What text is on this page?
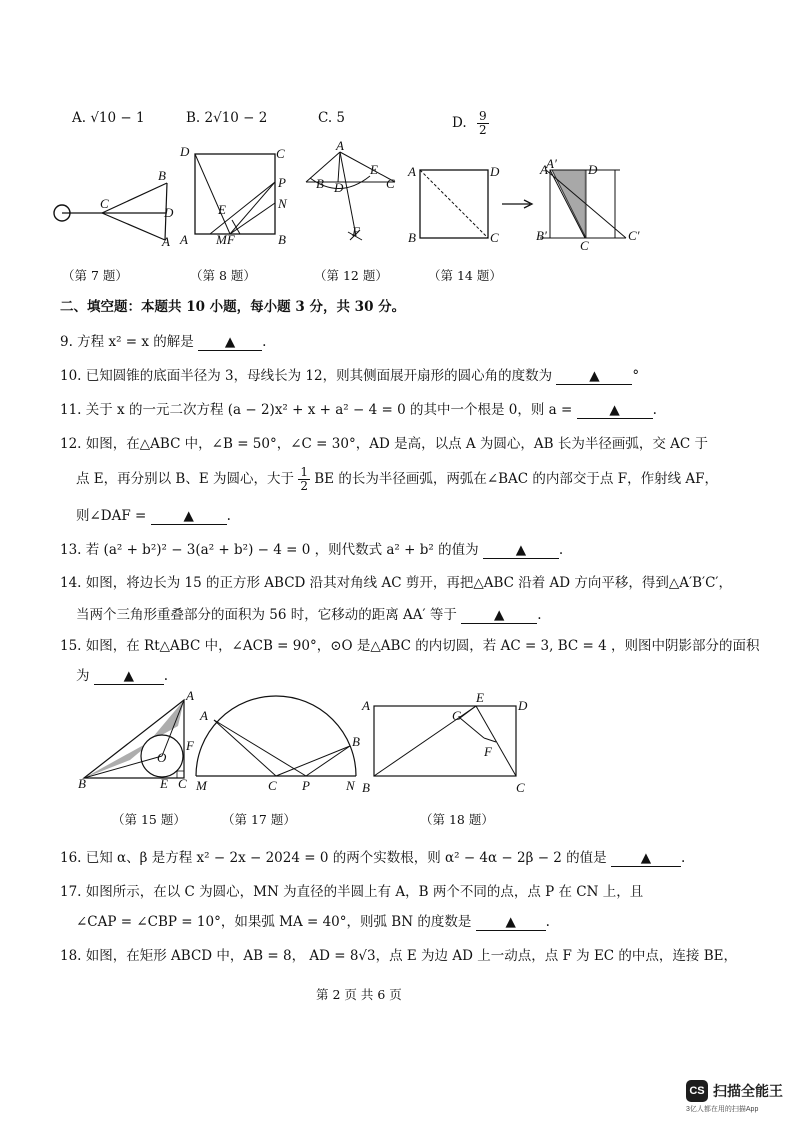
A. √10 − 1	B. 2√10 − 2	C. 5	D. $\frac{9}{2}$
C
B
D
A
D	C
P
N
E
A MF	B
A
B D
E
C
F
A	D
B	C
A
A′ D
B′
C
C′
（第 7 题）	（第 8 题）	（第 12 题）	（第 14 题）
二、填空题：本题共 10 小题，每小题 3 分，共 30 分。
9. 方程 x² = x 的解是 ▲ .
10. 已知圆锥的底面半径为 3，母线长为 12，则其侧面展开扇形的圆心角的度数为	▲ °
11. 关于 x 的一元二次方程 (a − 2)x² + x + a² − 4 = 0 的其中一个根是 0，则 a =	▲ .
12. 如图，在△ABC 中，∠B = 50°，∠C = 30°，AD 是高，以点 A 为圆心，AB 长为半径画弧，交 AC 于
点 E，再分别以 B、E 为圆心，大于 $\frac{1}{2}$ BE 的长为半径画弧，两弧在∠BAC 的内部交于点 F，作射线 AF，
则∠DAF =	▲ .
13. 若 (a² + b²)² − 3(a² + b²) − 4 = 0 ，则代数式 a² + b² 的值为	▲ .
14. 如图，将边长为 15 的正方形 ABCD 沿其对角线 AC 剪开，再把△ABC 沿着 AD 方向平移，得到△A′B′C′，
当两个三角形重叠部分的面积为 56 时，它移动的距离 AA′ 等于	▲ .
15. 如图，在 Rt△ABC 中，∠ACB = 90°，⊙O 是△ABC 的内切圆，若 AC = 3, BC = 4 ，则图中阴影部分的面积
为	▲ .
A
B
O
F
E C
A
B
M	C P	N
A
E
D
G
F
B	C
（第 15 题）	（第 17 题）	（第 18 题）
16. 已知 α、β 是方程 x² − 2x − 2024 = 0 的两个实数根，则 α² − 4α − 2β − 2 的值是	▲ .
17. 如图所示，在以 C 为圆心，MN 为直径的半圆上有 A，B 两个不同的点，点 P 在 CN 上，且
∠CAP = ∠CBP = 10°，如果弧 MA = 40°，则弧 BN 的度数是	▲ .
18. 如图，在矩形 ABCD 中，AB = 8， AD = 8√3，点 E 为边 AD 上一动点，点 F 为 EC 的中点，连接 BE，
第 2 页 共 6 页
CS 扫描全能王
3亿人都在用的扫描App
